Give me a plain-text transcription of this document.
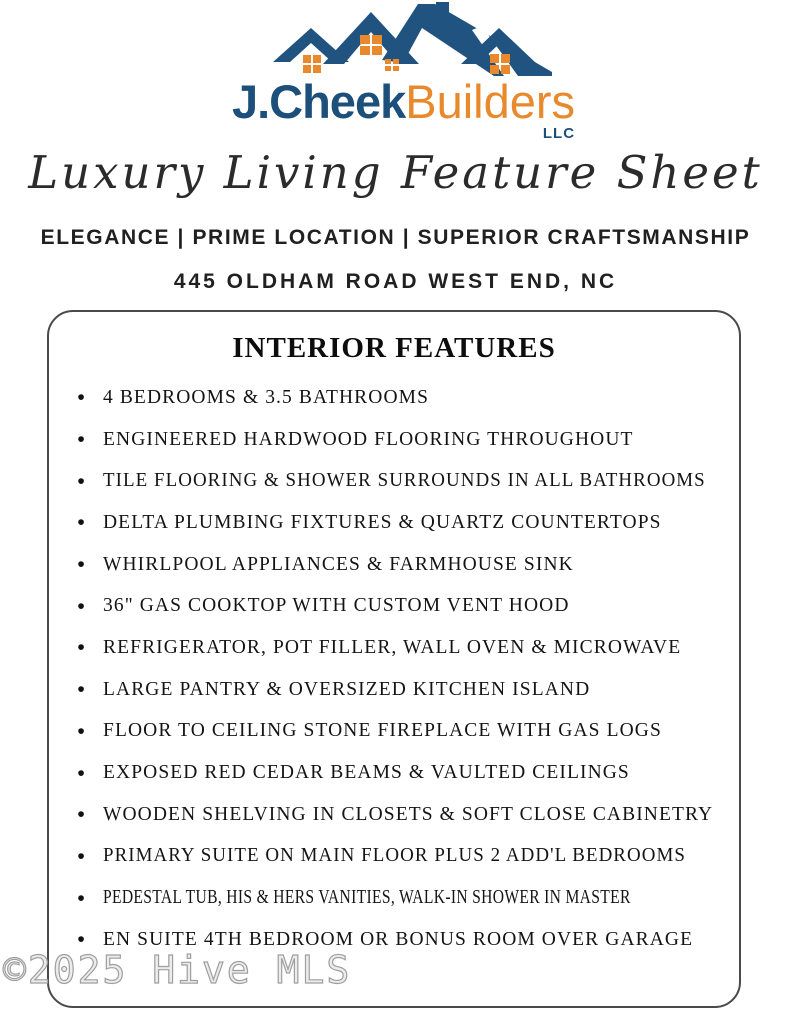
J.CheekBuilders
LLC
Luxury Living Feature Sheet
ELEGANCE | PRIME LOCATION | SUPERIOR CRAFTSMANSHIP
445 OLDHAM ROAD WEST END, NC
INTERIOR FEATURES
• 4 BEDROOMS & 3.5 BATHROOMS
• ENGINEERED HARDWOOD FLOORING THROUGHOUT
• TILE FLOORING & SHOWER SURROUNDS IN ALL BATHROOMS
• DELTA PLUMBING FIXTURES & QUARTZ COUNTERTOPS
• WHIRLPOOL APPLIANCES & FARMHOUSE SINK
• 36" GAS COOKTOP WITH CUSTOM VENT HOOD
• REFRIGERATOR, POT FILLER, WALL OVEN & MICROWAVE
• LARGE PANTRY & OVERSIZED KITCHEN ISLAND
• FLOOR TO CEILING STONE FIREPLACE WITH GAS LOGS
• EXPOSED RED CEDAR BEAMS & VAULTED CEILINGS
• WOODEN SHELVING IN CLOSETS & SOFT CLOSE CABINETRY
• PRIMARY SUITE ON MAIN FLOOR PLUS 2 ADD'L BEDROOMS
• PEDESTAL TUB, HIS & HERS VANITIES, WALK-IN SHOWER IN MASTER
• EN SUITE 4TH BEDROOM OR BONUS ROOM OVER GARAGE
©2025 Hive MLS
